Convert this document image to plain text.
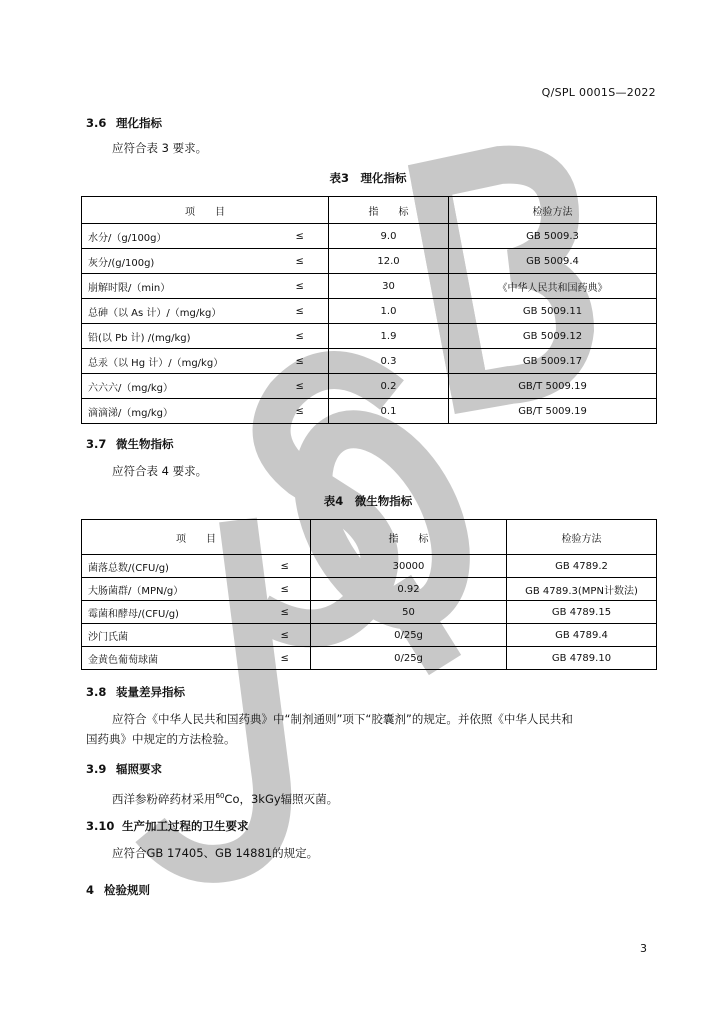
Q/SPL 0001S—2022
3.6 理化指标
应符合表 3 要求。
表3　理化指标
项　　目		指　　标	检验方法
水分/（g/100g）	≤	9.0	GB 5009.3
灰分/(g/100g)	≤	12.0	GB 5009.4
崩解时限/（min）	≤	30	《中华人民共和国药典》
总砷（以 As 计）/（mg/kg）	≤	1.0	GB 5009.11
铅(以 Pb 计) /(mg/kg)	≤	1.9	GB 5009.12
总汞（以 Hg 计）/（mg/kg）	≤	0.3	GB 5009.17
六六六/（mg/kg）	≤	0.2	GB/T 5009.19
滴滴涕/（mg/kg）	≤	0.1	GB/T 5009.19
3.7 微生物指标
应符合表 4 要求。
表4　微生物指标
项　　目		指　　标	检验方法
菌落总数/(CFU/g)	≤	30000	GB 4789.2
大肠菌群/（MPN/g）	≤	0.92	GB 4789.3(MPN计数法)
霉菌和酵母/(CFU/g)	≤	50	GB 4789.15
沙门氏菌	≤	0/25g	GB 4789.4
金黄色葡萄球菌	≤	0/25g	GB 4789.10
3.8 装量差异指标
应符合《中华人民共和国药典》中“制剂通则”项下“胶囊剂”的规定。并依照《中华人民共和
国药典》中规定的方法检验。
3.9 辐照要求
西洋参粉碎药材采用$^{60}$Co，3kGy辐照灭菌。
3.10 生产加工过程的卫生要求
应符合GB 17405、GB 14881的规定。
4 检验规则
3
